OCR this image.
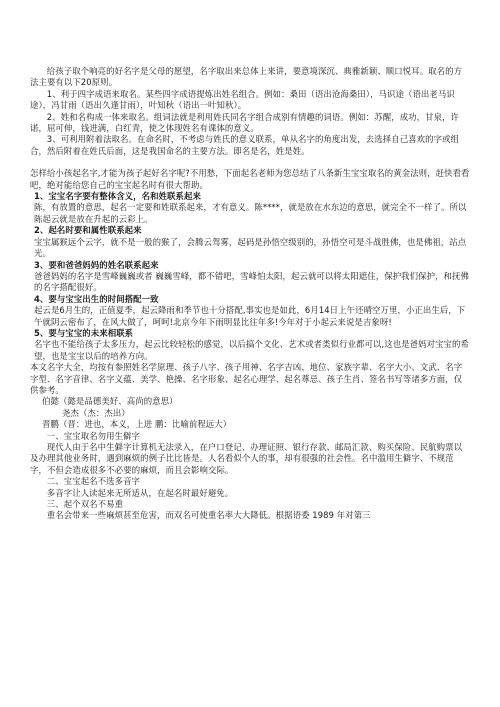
给孩子取个响亮的好名字是父母的愿望，名字取出来总体上来讲，要意境深沉、典雅新颖、顺口悦耳。取名的方法主要有以下20原则。

1、利于四字成语来取名。某些四字成语提炼出姓名组合。例如：桑田（语出沧海桑田），马识途（语出老马识途），冯甘雨（语出久逢甘雨），叶知秋（语出一叶知秋）。

2、姓和名构成一体来取名。组词法就是利用姓氏同名字组合成别有情趣的词语。例如：苏醒，成功，甘泉，许诺，屈可伸，钱进满，白红青，使之体现姓名有课体的意义。

3、可利用附着法取名。在命名时，不考虑与姓氏的意义联系，单从名字的角度出发，去选择自己喜欢的字或组合，然后附着在姓氏后面，这是我国命名的主要方法。即名是名，姓是姓。

怎样给小孩起名字,才能为孩子起好名字呢?不用愁，下面起名老师为您总结了八条新生宝宝取名的黄金法则，赶快看看吧，绝对能给您自己的宝宝起名时有很大帮助。

1、宝宝名字要有整体含义，名和姓联系起来

陈，有放置的意思，起名一定要和姓联系起来，才有意义。陈****，就是放在水东边的意思，就完全不一样了。所以陈起云就是放在升起的云彩上。

2、起名时要和属性联系起来

宝宝属猴远个云字，就不是一般的猴了，会腾云驾雾，起码是孙悟空级别的，孙悟空可是斗战胜佛，也是佛祖，站点光。

3、要和爸爸妈妈的姓名联系起来

爸爸妈妈的名字是雪峰巍巍或者 巍巍雪峰，都不错吧，雪峰怕太阳，起云就可以将太阳遮住，保护我们保护，和抚佛的名字搭配很好。

4、要与宝宝出生的时间搭配一致

起云是6月生的，正值夏季，起云降雨和季节也十分搭配,事实也是如此，6月14日上午还晴空万里，小正出生后，下午就阴云密布了，在风大做了，呵呵!北京今年下雨明显比往年多!今年对于小起云来说是吉象呀!

5、要与宝宝的未来相联系

名字也不能给孩子太多压力，起云比较轻松的感觉，以后搞个文化、艺术或者类似行业都可以,这也是爸妈对宝宝的希望，也是宝宝以后的培养方向。

本文名字大全，均按有参照姓名学原理、孩子八字、孩子用神、名字吉凶、地位、家族字辈、名字大小、文武、名字字型、名字音律、名字义蕴、美学、艳操、名字形象、起名心理学、起名尊忌、孩子生肖、签名书写等诸多方面，仅供参考。

伯懿（懿是品德美好、高尚的意思）

尧杰（杰：杰出）

晋鹏（晋：进也，本义，上进 鹏：比喻前程远大）

一、宝宝取名勿用生僻字

现代人由于名中生僻字计算机无法录入，在户口登记、办理证照、银行存款、邮局汇款、购买保险、民航购票以及办理其他业务时，遇到麻烦的例子比比皆是。人名看似个人的事，却有很强的社会性。名中滥用生僻字、不规范字，不但会造成很多不必要的麻烦，而且会影响交际。

二、宝宝起名不选多音字

多音字让人读起来无所适从，在起名时最好避免。

三、起个双名不易重

重名会带来一些麻烦甚至危害，而双名可使重名率大大降低。根据语委 1989 年对第三
